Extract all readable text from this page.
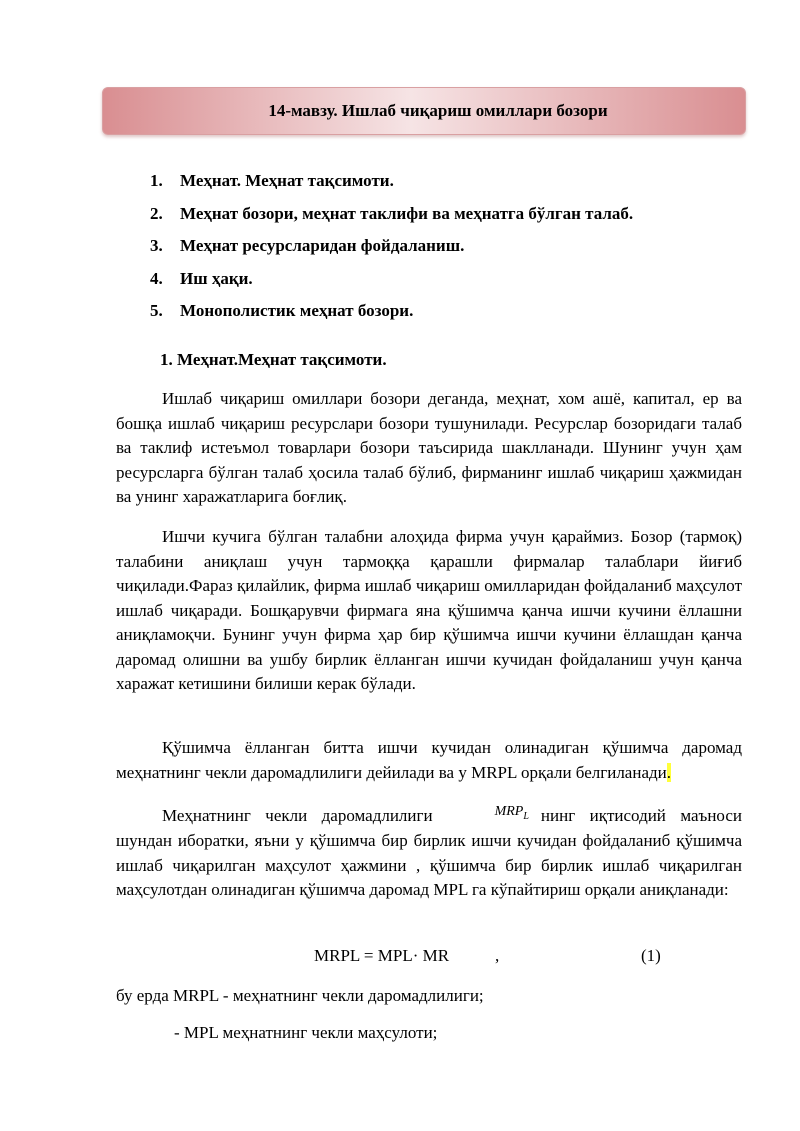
14-мавзу. Ишлаб чиқариш омиллари бозори
1. Меҳнат. Меҳнат тақсимоти.
2. Меҳнат бозори, меҳнат таклифи ва меҳнатга бўлган талаб.
3. Меҳнат ресурсларидан фойдаланиш.
4. Иш ҳақи.
5. Монополистик меҳнат бозори.
1. Меҳнат.Меҳнат тақсимоти.

Ишлаб чиқариш омиллари бозори деганда, меҳнат, хом ашё, капитал, ер ва бошқа ишлаб чиқариш ресурслари бозори тушунилади. Ресурслар бозоридаги талаб ва таклиф истеъмол товарлари бозори таъсирида шаклланади. Шунинг учун ҳам ресурсларга бўлган талаб ҳосила талаб бўлиб, фирманинг ишлаб чиқариш ҳажмидан ва унинг харажатларига боғлиқ.

Ишчи кучига бўлган талабни алоҳида фирма учун қараймиз. Бозор (тармоқ) талабини аниқлаш учун тармоққа қарашли фирмалар талаблари йиғиб чиқилади.Фараз қилайлик, фирма ишлаб чиқариш омилларидан фойдаланиб маҳсулот ишлаб чиқаради. Бошқарувчи фирмага яна қўшимча қанча ишчи кучини ёллашни аниқламоқчи. Бунинг учун фирма ҳар бир қўшимча ишчи кучини ёллашдан қанча даромад олишни ва ушбу бирлик ёлланган ишчи кучидан фойдаланиш учун қанча харажат кетишини билиши керак бўлади.

Қўшимча ёлланган битта ишчи кучидан олинадиган қўшимча даромад меҳнатнинг чекли даромадлилиги дейилади ва у MRPL орқали белгиланади.

Меҳнатнинг чекли даромадлилиги	$MRP_L$ нинг иқтисодий маъноси шундан иборатки, яъни у қўшимча бир бирлик ишчи кучидан фойдаланиб қўшимча ишлаб чиқарилган маҳсулот ҳажмини , қўшимча бир бирлик ишлаб чиқарилган маҳсулотдан олинадиган қўшимча даромад MPL га кўпайтириш орқали аниқланади:

MRPL = MPL· MR	,	(1)
бу ерда MRPL - меҳнатнинг чекли даромадлилиги;
- MPL меҳнатнинг чекли маҳсулоти;
